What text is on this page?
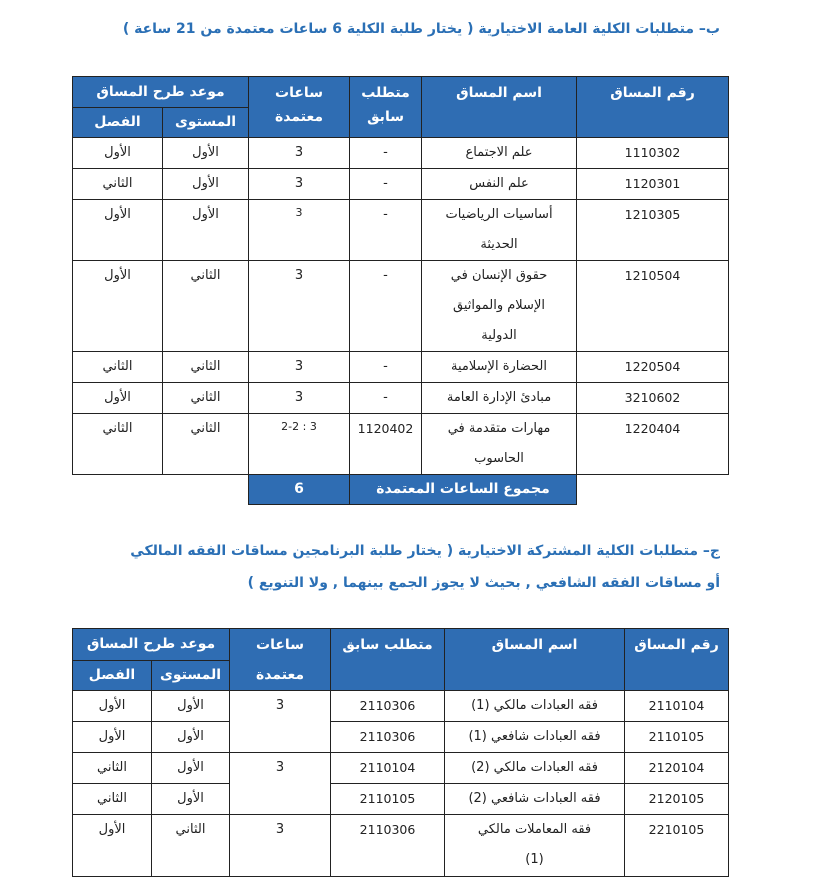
ب– متطلبات الكلية العامة الاختيارية ( يختار طلبة الكلية 6 ساعات معتمدة من 21 ساعة )
رقم المساق	اسم المساق	متطلب سابق	ساعات معتمدة	موعد طرح المساق	
				المستوى	الفصل
1110302	علم الاجتماع	-	3	الأول	الأول
1120301	علم النفس	-	3	الأول	الثاني
1210305	أساسيات الرياضيات الحديثة	-	3	الأول	الأول
1210504	حقوق الإنسان في الإسلام والمواثيق الدولية	-	3	الثاني	الأول
1220504	الحضارة الإسلامية	-	3	الثاني	الثاني
3210602	مبادئ الإدارة العامة	-	3	الثاني	الأول
1220404	مهارات متقدمة في الحاسوب	1120402	3 : 2-2	الثاني	الثاني
	مجموع الساعات المعتمدة		6		
ج– متطلبات الكلية المشتركة الاختيارية ( يختار طلبة البرنامجين مساقات الفقه المالكي
أو مساقات الفقه الشافعي , بحيث لا يجوز الجمع بينهما , ولا التنويع )
رقم المساق	اسم المساق	متطلب سابق	ساعات معتمدة	موعد طرح المساق	
				المستوى	الفصل
2110104	فقه العبادات مالكي (1)	2110306	3	الأول	الأول
2110105	فقه العبادات شافعي (1)	2110306		الأول	الأول
2120104	فقه العبادات مالكي (2)	2110104	3	الأول	الثاني
2120105	فقه العبادات شافعي (2)	2110105		الأول	الثاني
2210105	فقه المعاملات مالكي (1)	2110306	3	الثاني	الأول
